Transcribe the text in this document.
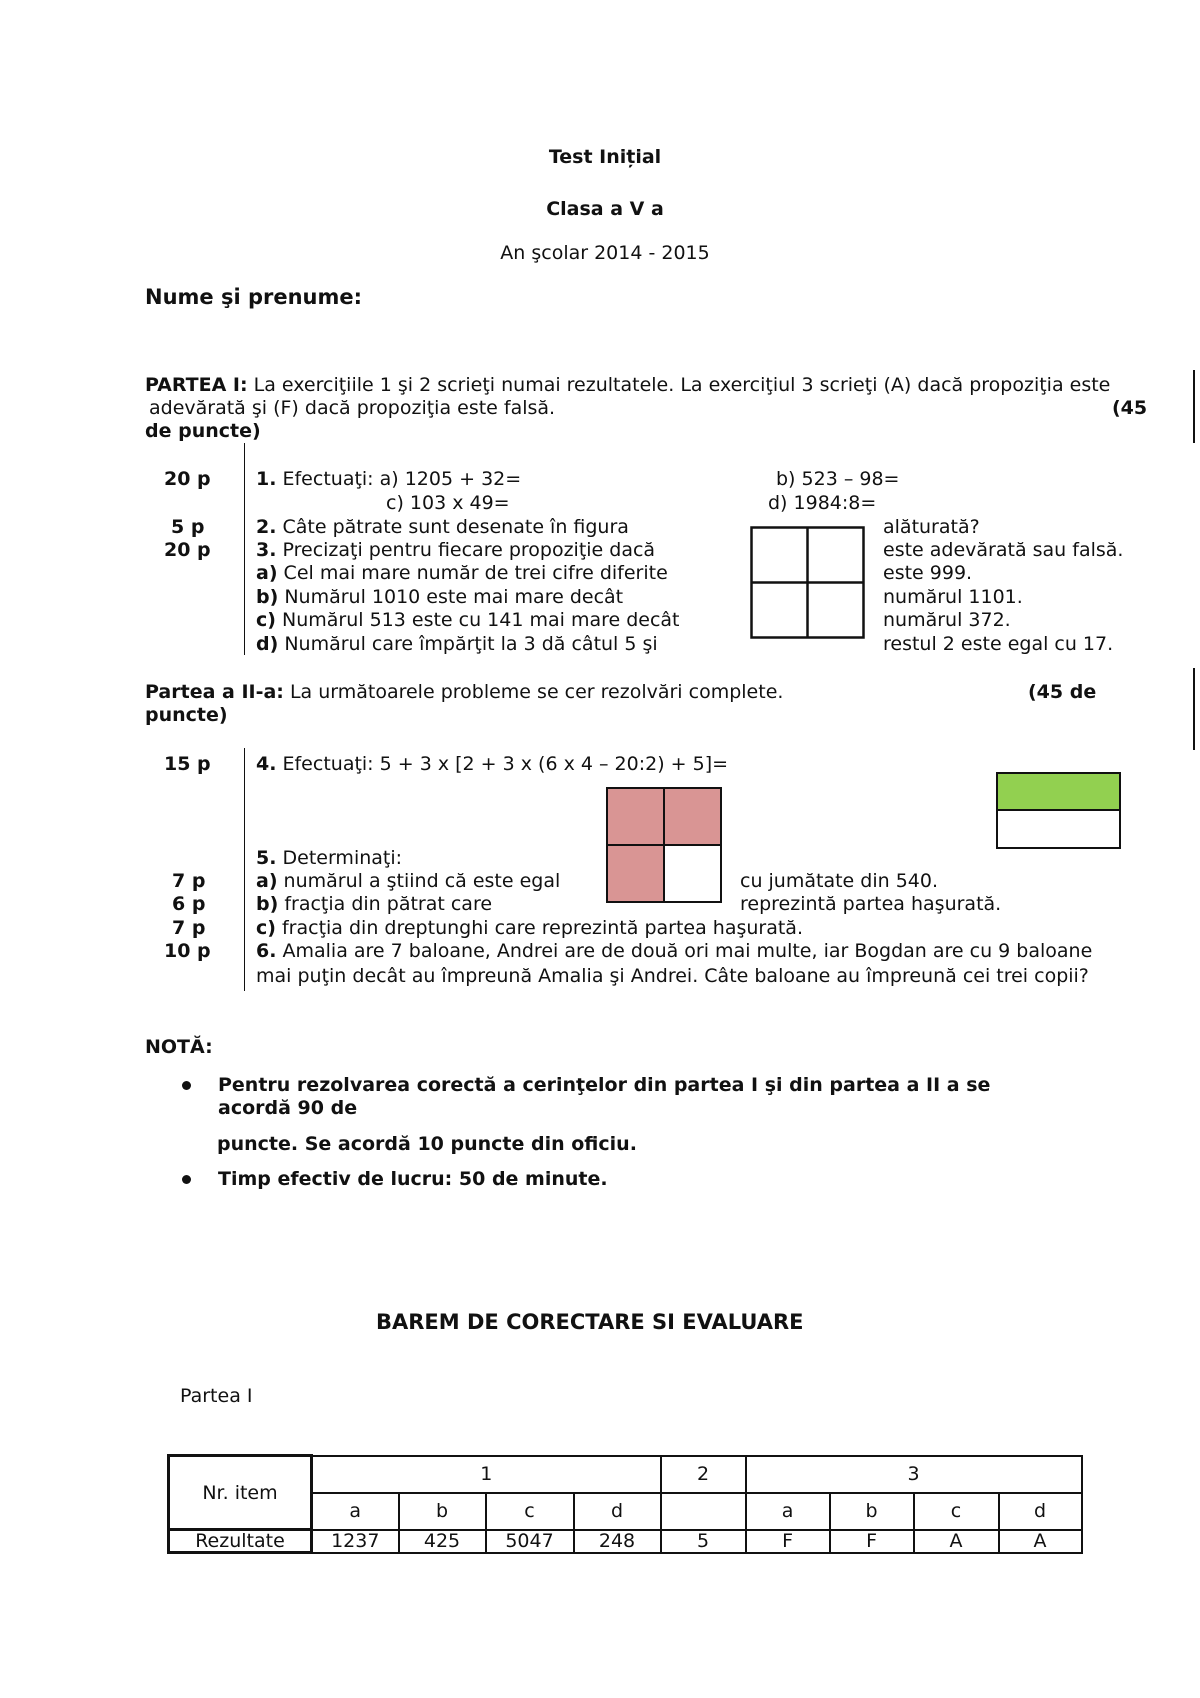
Test Inițial
Clasa a V a
An şcolar 2014 - 2015
Nume şi prenume:
PARTEA I: La exerciţiile 1 şi 2 scrieţi numai rezultatele. La exerciţiul 3 scrieţi (A) dacă propoziţia este
adevărată şi (F) dacă propoziţia este falsă.	(45
de puncte)
20 p
5 p
20 p
1. Efectuaţi: a) 1205 + 32=	b) 523 – 98=
c) 103 x 49=	d) 1984:8=
2. Câte pătrate sunt desenate în figura	alăturată?
3. Precizaţi pentru fiecare propoziţie dacă	este adevărată sau falsă.
a) Cel mai mare număr de trei cifre diferite	este 999.
b) Numărul 1010 este mai mare decât	numărul 1101.
c) Numărul 513 este cu 141 mai mare decât	numărul 372.
d) Numărul care împărţit la 3 dă câtul 5 şi	restul 2 este egal cu 17.
Partea a II-a: La următoarele probleme se cer rezolvări complete.	(45 de
puncte)
15 p
7 p
6 p
7 p
10 p
4. Efectuaţi: 5 + 3 x [2 + 3 x (6 x 4 – 20:2) + 5]=
5. Determinaţi:
a) numărul a ştiind că este egal	cu jumătate din 540.
b) fracţia din pătrat care	reprezintă partea haşurată.
c) fracţia din dreptunghi care reprezintă partea haşurată.
6. Amalia are 7 baloane, Andrei are de două ori mai multe, iar Bogdan are cu 9 baloane
mai puţin decât au împreună Amalia şi Andrei. Câte baloane au împreună cei trei copii?
NOTĂ:
Pentru rezolvarea corectă a cerinţelor din partea I şi din partea a II a se
acordă 90 de
puncte. Se acordă 10 puncte din oficiu.
Timp efectiv de lucru: 50 de minute.
BAREM DE CORECTARE SI EVALUARE
Partea I
Nr. item	1				2	3			
	a	b	c	d		a	b	c	d
Rezultate	1237	425	5047	248	5	F	F	A	A
